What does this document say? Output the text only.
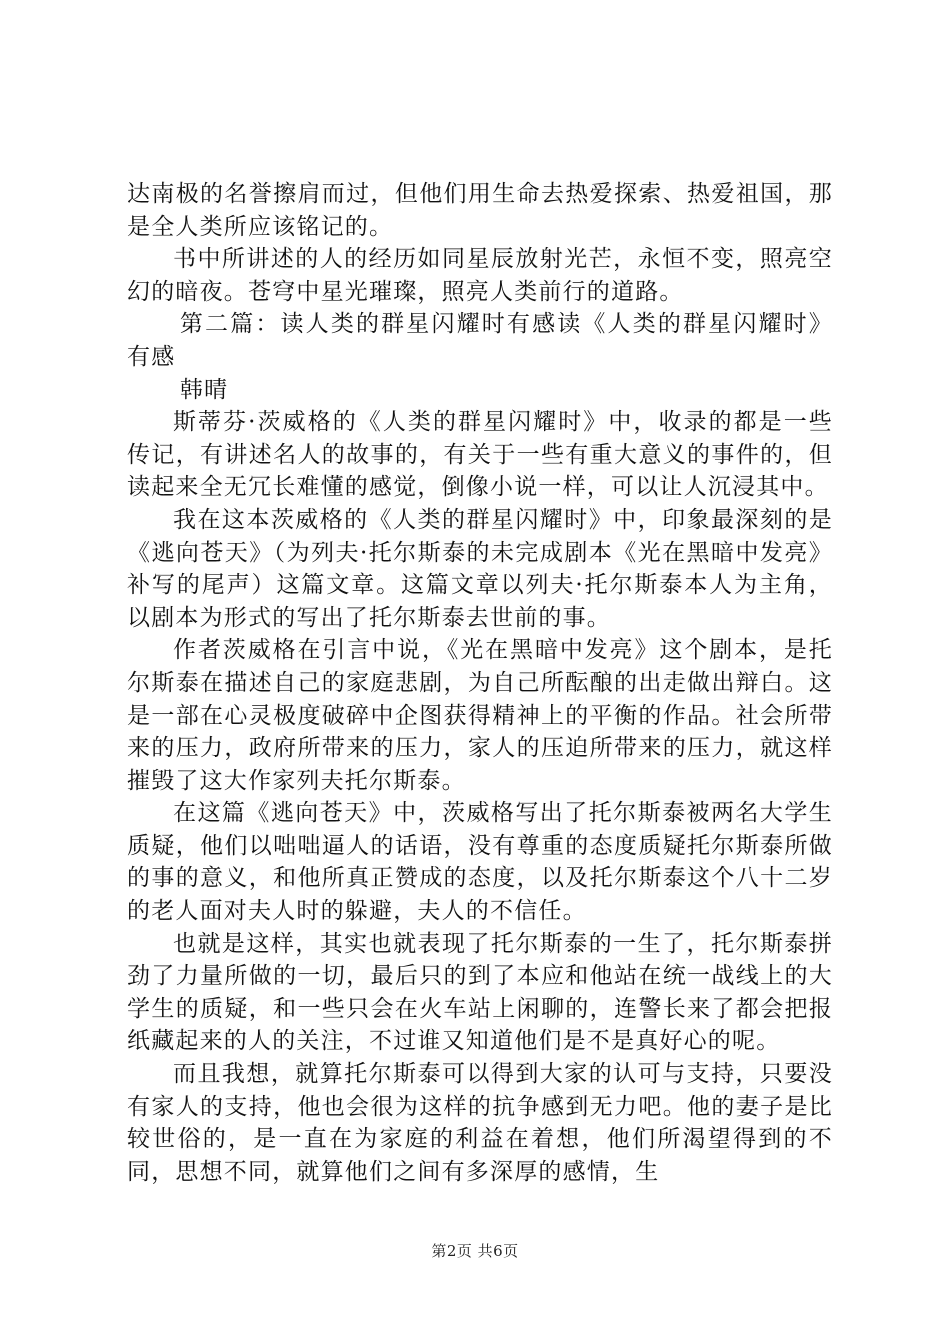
达南极的名誉擦肩而过，但他们用生命去热爱探索、热爱祖国，那是全人类所应该铭记的。

书中所讲述的人的经历如同星辰放射光芒，永恒不变，照亮空幻的暗夜。苍穹中星光璀璨，照亮人类前行的道路。

第二篇：读人类的群星闪耀时有感读《人类的群星闪耀时》有感

韩晴

斯蒂芬·茨威格的《人类的群星闪耀时》中，收录的都是一些传记，有讲述名人的故事的，有关于一些有重大意义的事件的，但读起来全无冗长难懂的感觉，倒像小说一样，可以让人沉浸其中。

我在这本茨威格的《人类的群星闪耀时》中，印象最深刻的是《逃向苍天》（为列夫·托尔斯泰的未完成剧本《光在黑暗中发亮》补写的尾声）这篇文章。这篇文章以列夫·托尔斯泰本人为主角，以剧本为形式的写出了托尔斯泰去世前的事。

作者茨威格在引言中说，《光在黑暗中发亮》这个剧本，是托尔斯泰在描述自己的家庭悲剧，为自己所酝酿的出走做出辩白。这是一部在心灵极度破碎中企图获得精神上的平衡的作品。社会所带来的压力，政府所带来的压力，家人的压迫所带来的压力，就这样摧毁了这大作家列夫托尔斯泰。

在这篇《逃向苍天》中，茨威格写出了托尔斯泰被两名大学生质疑，他们以咄咄逼人的话语，没有尊重的态度质疑托尔斯泰所做的事的意义，和他所真正赞成的态度，以及托尔斯泰这个八十二岁的老人面对夫人时的躲避，夫人的不信任。

也就是这样，其实也就表现了托尔斯泰的一生了，托尔斯泰拼劲了力量所做的一切，最后只的到了本应和他站在统一战线上的大学生的质疑，和一些只会在火车站上闲聊的，连警长来了都会把报纸藏起来的人的关注，不过谁又知道他们是不是真好心的呢。

而且我想，就算托尔斯泰可以得到大家的认可与支持，只要没有家人的支持，他也会很为这样的抗争感到无力吧。他的妻子是比较世俗的，是一直在为家庭的利益在着想，他们所渴望得到的不同，思想不同，就算他们之间有多深厚的感情，生

第2页 共6页
